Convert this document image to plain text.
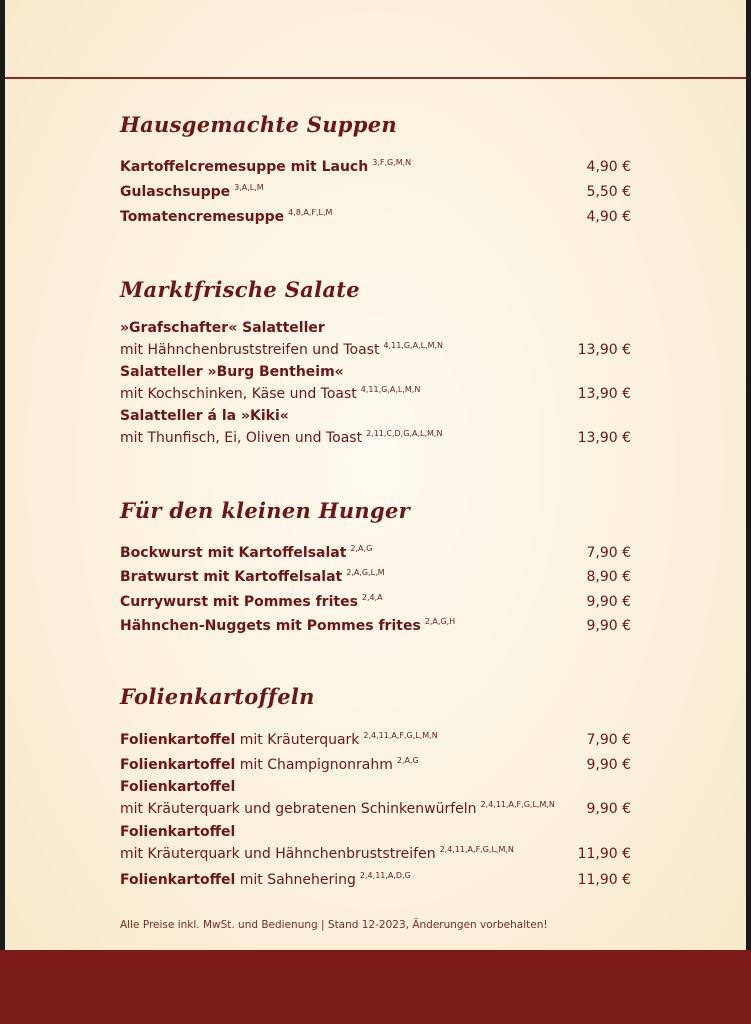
Hausgemachte Suppen
Kartoffelcremesuppe mit Lauch $^{3,F,G,M,N}$	4,90 €
Gulaschsuppe $^{3,A,L,M}$	5,50 €
Tomatencremesuppe $^{4,8,A,F,L,M}$	4,90 €
Marktfrische Salate
»Grafschafter« Salatteller
mit Hähnchenbruststreifen und Toast $^{4,11,G,A,L,M,N}$	13,90 €
Salatteller »Burg Bentheim«
mit Kochschinken, Käse und Toast $^{4,11,G,A,L,M,N}$	13,90 €
Salatteller á la »Kiki«
mit Thunfisch, Ei, Oliven und Toast $^{2,11,C,D,G,A,L,M,N}$	13,90 €
Für den kleinen Hunger
Bockwurst mit Kartoffelsalat $^{2,A,G}$	7,90 €
Bratwurst mit Kartoffelsalat $^{2,A,G,L,M}$	8,90 €
Currywurst mit Pommes frites $^{2,4,A}$	9,90 €
Hähnchen-Nuggets mit Pommes frites $^{2,A,G,H}$	9,90 €
Folienkartoffeln
Folienkartoffel mit Kräuterquark $^{2,4,11,A,F,G,L,M,N}$	7,90 €
Folienkartoffel mit Champignonrahm $^{2,A,G}$	9,90 €
Folienkartoffel
mit Kräuterquark und gebratenen Schinkenwürfeln $^{2,4,11,A,F,G,L,M,N}$	9,90 €
Folienkartoffel
mit Kräuterquark und Hähnchenbruststreifen $^{2,4,11,A,F,G,L,M,N}$	11,90 €
Folienkartoffel mit Sahnehering $^{2,4,11,A,D,G}$	11,90 €
Alle Preise inkl. MwSt. und Bedienung | Stand 12-2023, Änderungen vorbehalten!
